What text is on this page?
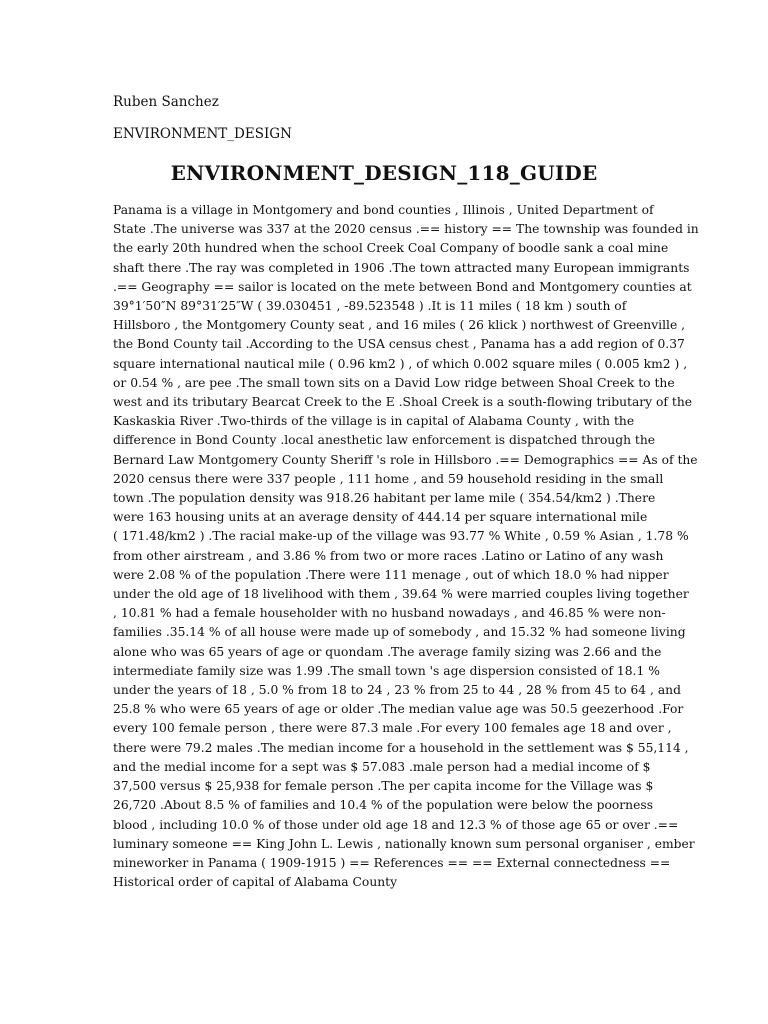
Ruben Sanchez
ENVIRONMENT_DESIGN
ENVIRONMENT_DESIGN_118_GUIDE
Panama is a village in Montgomery and bond counties , Illinois , United Department of
State .The universe was 337 at the 2020 census .== history == The township was founded in
the early 20th hundred when the school Creek Coal Company of boodle sank a coal mine
shaft there .The ray was completed in 1906 .The town attracted many European immigrants
.== Geography == sailor is located on the mete between Bond and Montgomery counties at
39°1′50″N 89°31′25″W ( 39.030451 , -89.523548 ) .It is 11 miles ( 18 km ) south of
Hillsboro , the Montgomery County seat , and 16 miles ( 26 klick ) northwest of Greenville ,
the Bond County tail .According to the USA census chest , Panama has a add region of 0.37
square international nautical mile ( 0.96 km2 ) , of which 0.002 square miles ( 0.005 km2 ) ,
or 0.54 % , are pee .The small town sits on a David Low ridge between Shoal Creek to the
west and its tributary Bearcat Creek to the E .Shoal Creek is a south-flowing tributary of the
Kaskaskia River .Two-thirds of the village is in capital of Alabama County , with the
difference in Bond County .local anesthetic law enforcement is dispatched through the
Bernard Law Montgomery County Sheriff 's role in Hillsboro .== Demographics == As of the
2020 census there were 337 people , 111 home , and 59 household residing in the small
town .The population density was 918.26 habitant per lame mile ( 354.54/km2 ) .There
were 163 housing units at an average density of 444.14 per square international mile
( 171.48/km2 ) .The racial make-up of the village was 93.77 % White , 0.59 % Asian , 1.78 %
from other airstream , and 3.86 % from two or more races .Latino or Latino of any wash
were 2.08 % of the population .There were 111 menage , out of which 18.0 % had nipper
under the old age of 18 livelihood with them , 39.64 % were married couples living together
, 10.81 % had a female householder with no husband nowadays , and 46.85 % were non-
families .35.14 % of all house were made up of somebody , and 15.32 % had someone living
alone who was 65 years of age or quondam .The average family sizing was 2.66 and the
intermediate family size was 1.99 .The small town 's age dispersion consisted of 18.1 %
under the years of 18 , 5.0 % from 18 to 24 , 23 % from 25 to 44 , 28 % from 45 to 64 , and
25.8 % who were 65 years of age or older .The median value age was 50.5 geezerhood .For
every 100 female person , there were 87.3 male .For every 100 females age 18 and over ,
there were 79.2 males .The median income for a household in the settlement was $ 55,114 ,
and the medial income for a sept was $ 57.083 .male person had a medial income of $
37,500 versus $ 25,938 for female person .The per capita income for the Village was $
26,720 .About 8.5 % of families and 10.4 % of the population were below the poorness
blood , including 10.0 % of those under old age 18 and 12.3 % of those age 65 or over .==
luminary someone == King John L. Lewis , nationally known sum personal organiser , ember
mineworker in Panama ( 1909-1915 ) == References == == External connectedness ==
Historical order of capital of Alabama County
